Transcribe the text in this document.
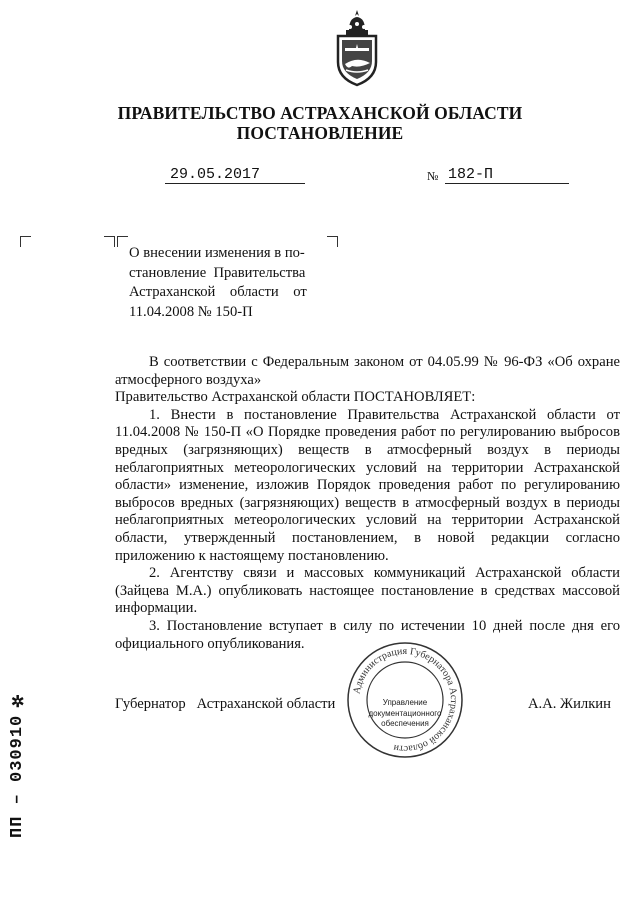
ПРАВИТЕЛЬСТВО АСТРАХАНСКОЙ ОБЛАСТИ
ПОСТАНОВЛЕНИЕ
29.05.2017	№ 182-П

О внесении изменения в по-

становление  Правительства

Астраханской    области    от

11.04.2008 № 150-П

В соответствии с Федеральным законом от 04.05.99 № 96-ФЗ «Об охране атмосферного воздуха»

Правительство Астраханской области ПОСТАНОВЛЯЕТ:

1. Внести в постановление Правительства Астраханской области от 11.04.2008 № 150-П «О Порядке проведения работ по регулированию выбросов вредных (загрязняющих) веществ в атмосферный воздух в периоды неблагоприятных метеорологических условий на территории Астраханской области» изменение, изложив Порядок проведения работ по регулированию выбросов вредных (загрязняющих) веществ в атмосферный воздух в периоды неблагоприятных метеорологических условий на территории Астраханской области, утвержденный постановлением, в новой редакции согласно приложению к настоящему постановлению.

2. Агентству связи и массовых коммуникаций Астраханской области (Зайцева М.А.) опубликовать настоящее постановление в средствах массовой информации.

3. Постановление вступает в силу по истечении 10 дней после дня его официального опубликования.

Администрация Губернатора Астраханской области
Управление
документационного
обеспечения
Губернатор   Астраханской области	А.А. Жилкин
ПП – 030910
✲
